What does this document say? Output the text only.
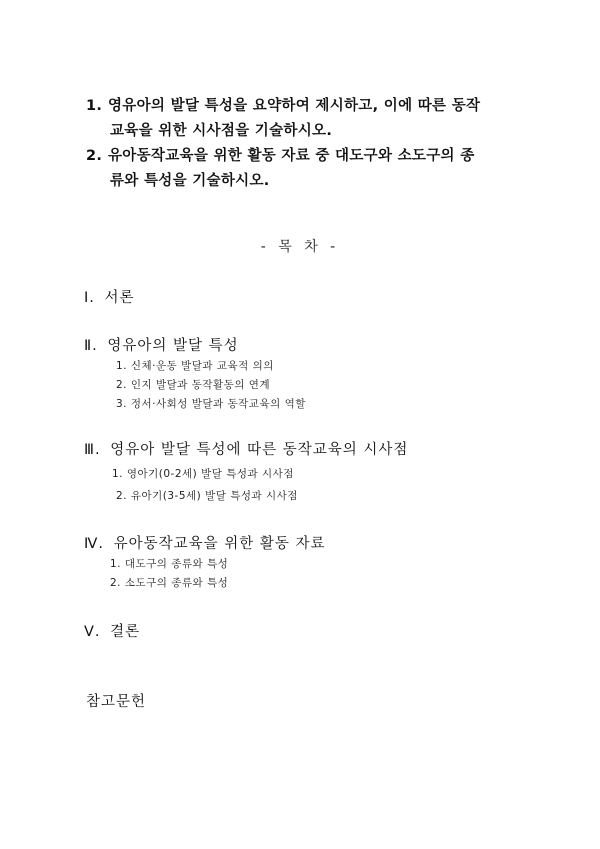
1. 영유아의 발달 특성을 요약하여 제시하고, 이에 따른 동작
교육을 위한 시사점을 기술하시오.
2. 유아동작교육을 위한 활동 자료 중 대도구와 소도구의 종
류와 특성을 기술하시오.
- 목 차 -
Ⅰ. 서론
Ⅱ. 영유아의 발달 특성
1. 신체·운동 발달과 교육적 의의
2. 인지 발달과 동작활동의 연계
3. 정서·사회성 발달과 동작교육의 역할
Ⅲ. 영유아 발달 특성에 따른 동작교육의 시사점
1. 영아기(0-2세) 발달 특성과 시사점
2. 유아기(3-5세) 발달 특성과 시사점
Ⅳ. 유아동작교육을 위한 활동 자료
1. 대도구의 종류와 특성
2. 소도구의 종류와 특성
Ⅴ. 결론
참고문헌
